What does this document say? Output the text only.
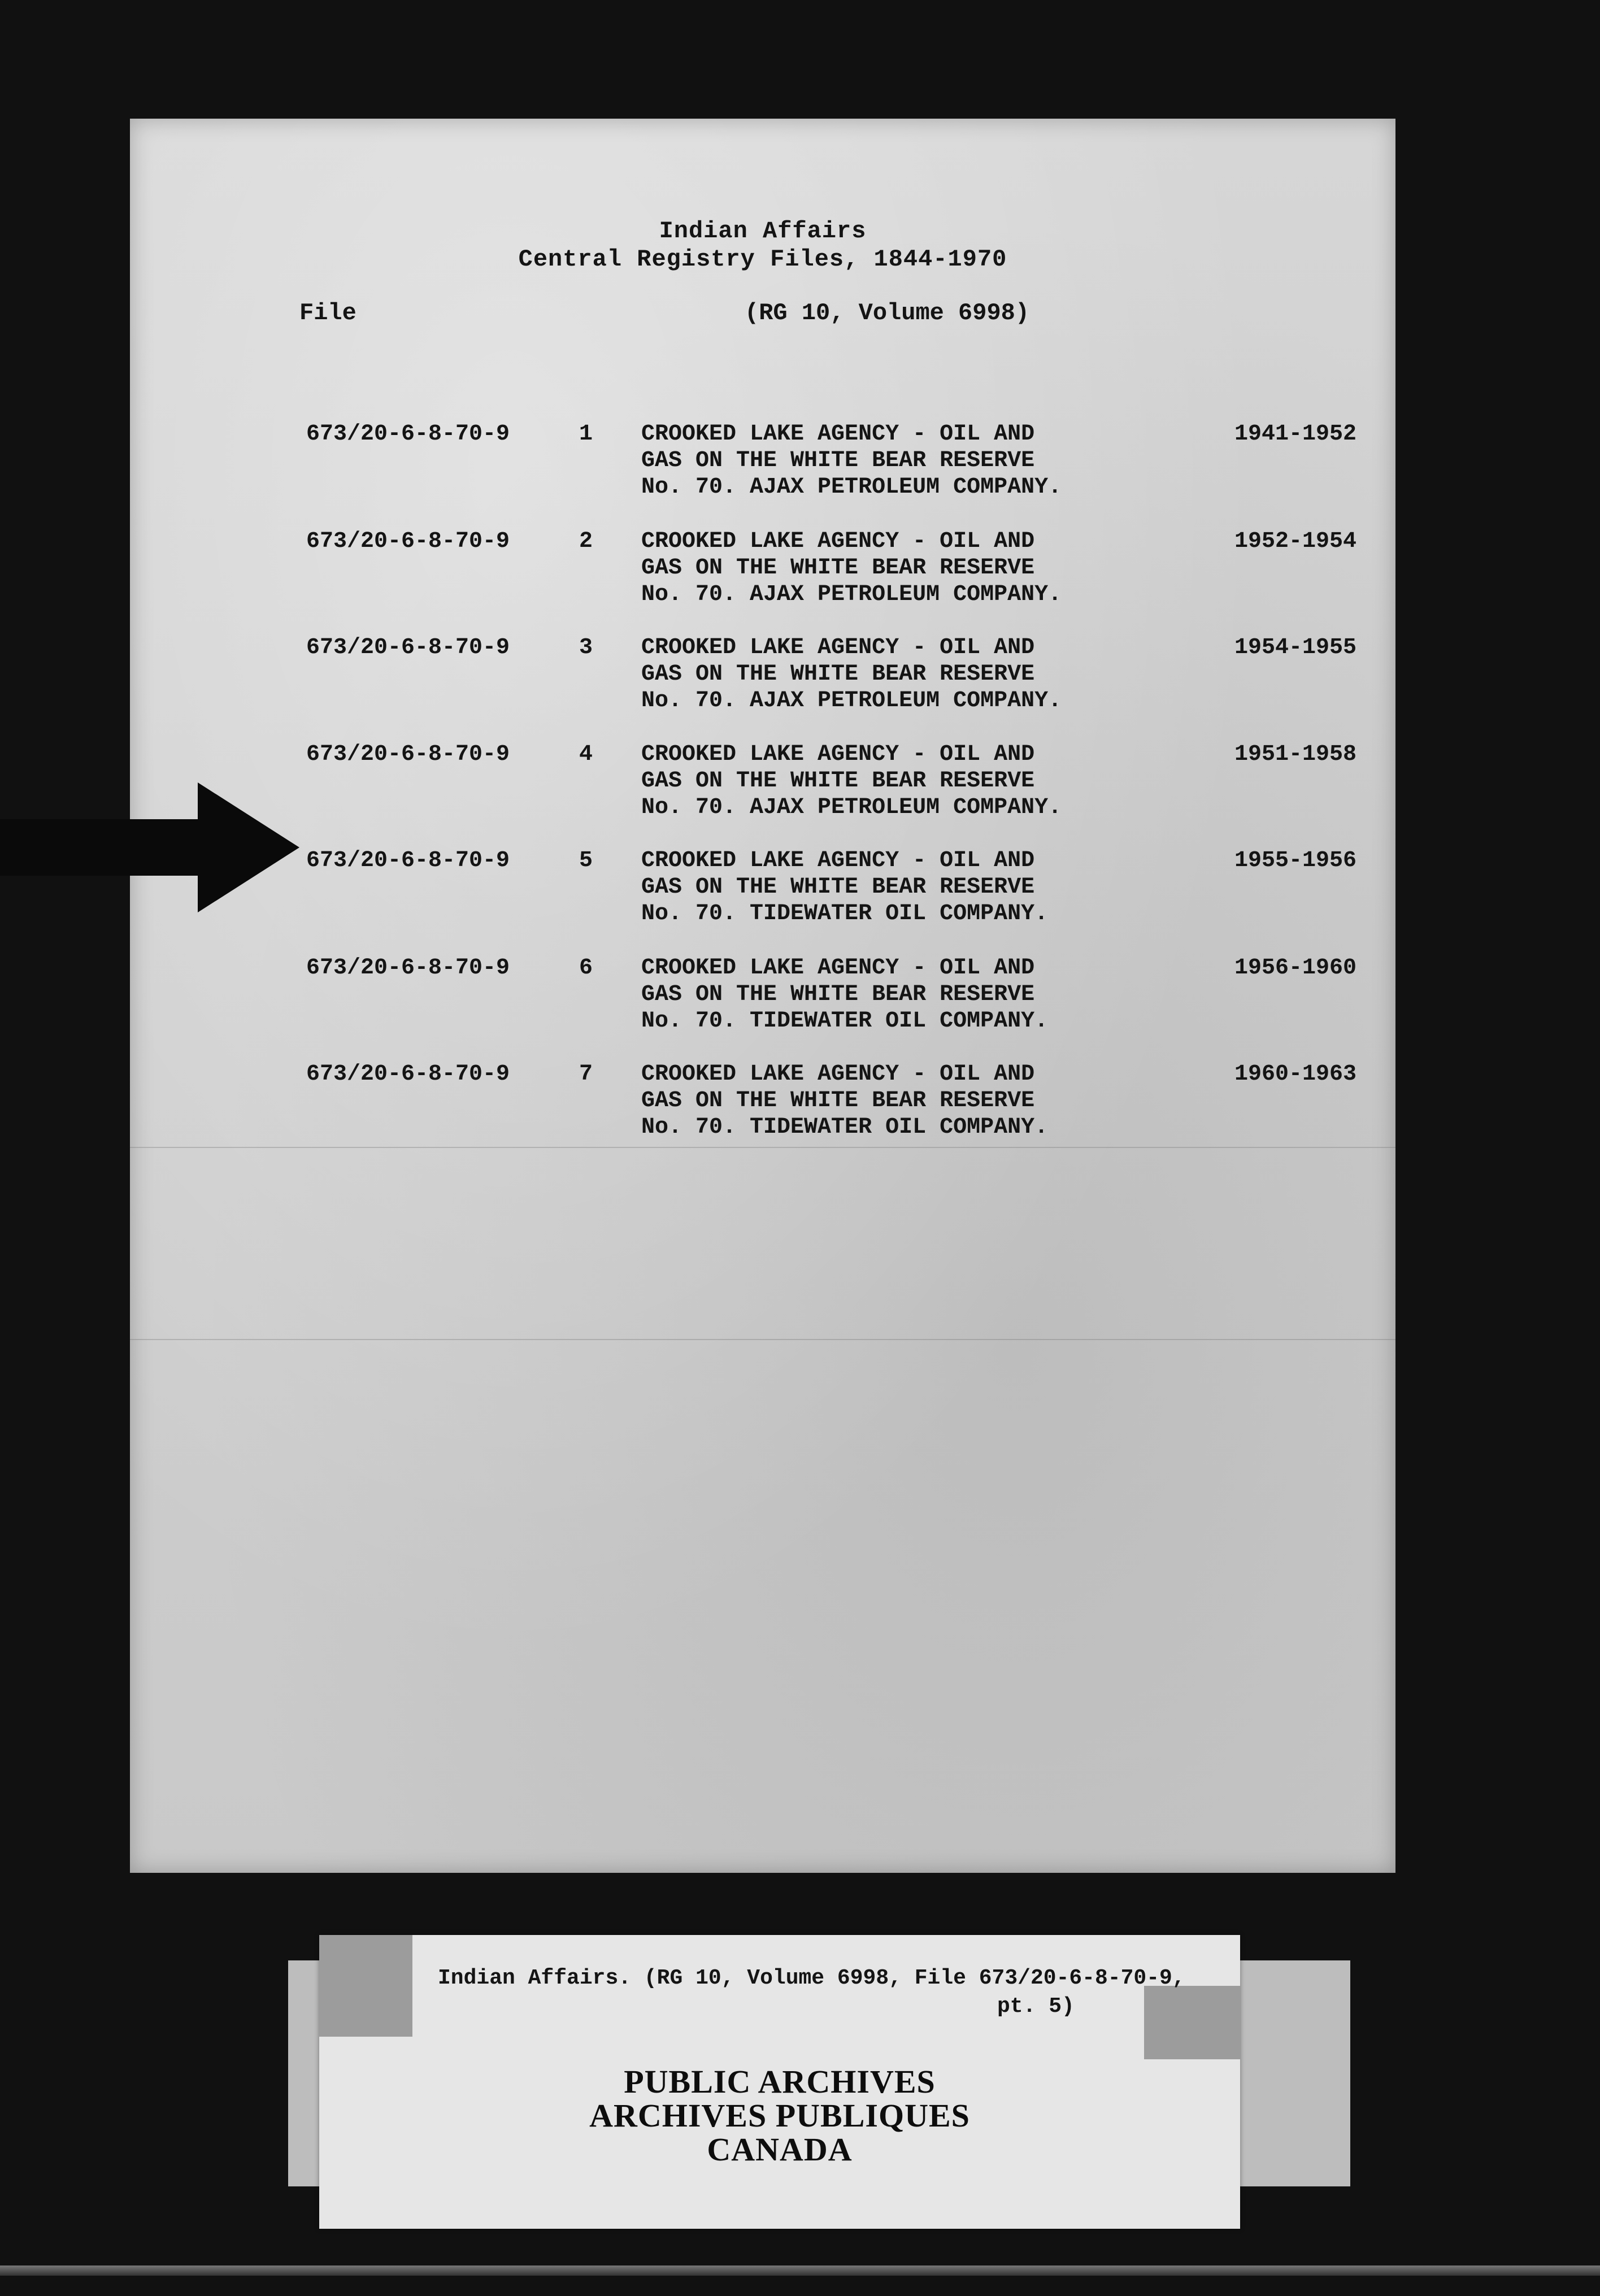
Indian Affairs
Central Registry Files, 1844-1970
File	(RG 10, Volume 6998)
673/20-6-8-70-9	1 CROOKED LAKE AGENCY - OIL AND
GAS ON THE WHITE BEAR RESERVE
No. 70. AJAX PETROLEUM COMPANY.
1941-1952
673/20-6-8-70-9	2 CROOKED LAKE AGENCY - OIL AND
GAS ON THE WHITE BEAR RESERVE
No. 70. AJAX PETROLEUM COMPANY.
1952-1954
673/20-6-8-70-9	3 CROOKED LAKE AGENCY - OIL AND
GAS ON THE WHITE BEAR RESERVE
No. 70. AJAX PETROLEUM COMPANY.
1954-1955
673/20-6-8-70-9	4 CROOKED LAKE AGENCY - OIL AND
GAS ON THE WHITE BEAR RESERVE
No. 70. AJAX PETROLEUM COMPANY.
1951-1958
673/20-6-8-70-9	5 CROOKED LAKE AGENCY - OIL AND
GAS ON THE WHITE BEAR RESERVE
No. 70. TIDEWATER OIL COMPANY.
1955-1956
673/20-6-8-70-9	6 CROOKED LAKE AGENCY - OIL AND
GAS ON THE WHITE BEAR RESERVE
No. 70. TIDEWATER OIL COMPANY.
1956-1960
673/20-6-8-70-9	7 CROOKED LAKE AGENCY - OIL AND
GAS ON THE WHITE BEAR RESERVE
No. 70. TIDEWATER OIL COMPANY.
1960-1963
Indian Affairs. (RG 10, Volume 6998, File 673/20-6-8-70-9,
pt. 5)
PUBLIC ARCHIVES
ARCHIVES PUBLIQUES
CANADA
